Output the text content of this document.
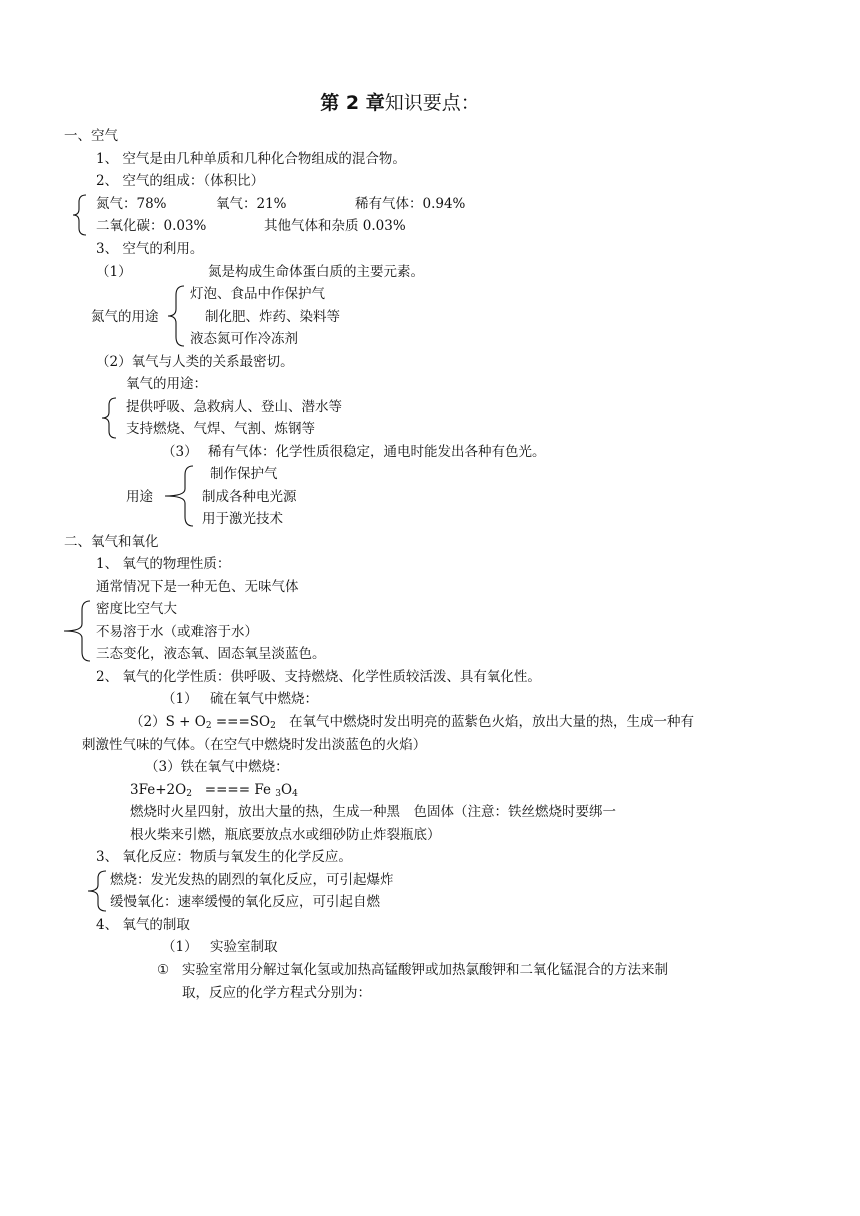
第 2 章知识要点：
一、空气
1、 空气是由几种单质和几种化合物组成的混合物。
2、 空气的组成：（体积比）
氮气：78%	氧气：21%	稀有气体：0.94%
二氧化碳：0.03%	其他气体和杂质 0.03%
3、 空气的利用。
（1）	氮是构成生命体蛋白质的主要元素。
氮气的用途
灯泡、食品中作保护气
制化肥、炸药、染料等
液态氮可作冷冻剂
（2）氧气与人类的关系最密切。
氧气的用途：
提供呼吸、急救病人、登山、潜水等
支持燃烧、气焊、气割、炼钢等
（3） 稀有气体：化学性质很稳定，通电时能发出各种有色光。
用途
制作保护气
制成各种电光源
用于激光技术
二、氧气和氧化
1、 氧气的物理性质：
通常情况下是一种无色、无味气体
密度比空气大
不易溶于水（或难溶于水）
三态变化，液态氧、固态氧呈淡蓝色。
2、 氧气的化学性质：供呼吸、支持燃烧、化学性质较活泼、具有氧化性。
（1） 硫在氧气中燃烧：
$(2)S + O_2 ===SO_2$ 在氧气中燃烧时发出明亮的蓝紫色火焰，放出大量的热，生成一种有
刺激性气味的气体。（在空气中燃烧时发出淡蓝色的火焰）
（3）铁在氧气中燃烧：
$3Fe+2O_2$ ==== Fe $_3O_4$
燃烧时火星四射，放出大量的热，生成一种黑　色固体（注意：铁丝燃烧时要绑一
根火柴来引燃，瓶底要放点水或细砂防止炸裂瓶底）
3、 氧化反应：物质与氧发生的化学反应。
燃烧：发光发热的剧烈的氧化反应，可引起爆炸
缓慢氧化：速率缓慢的氧化反应，可引起自燃
4、 氧气的制取
（1） 实验室制取
① 实验室常用分解过氧化氢或加热高锰酸钾或加热氯酸钾和二氧化锰混合的方法来制
取，反应的化学方程式分别为：
